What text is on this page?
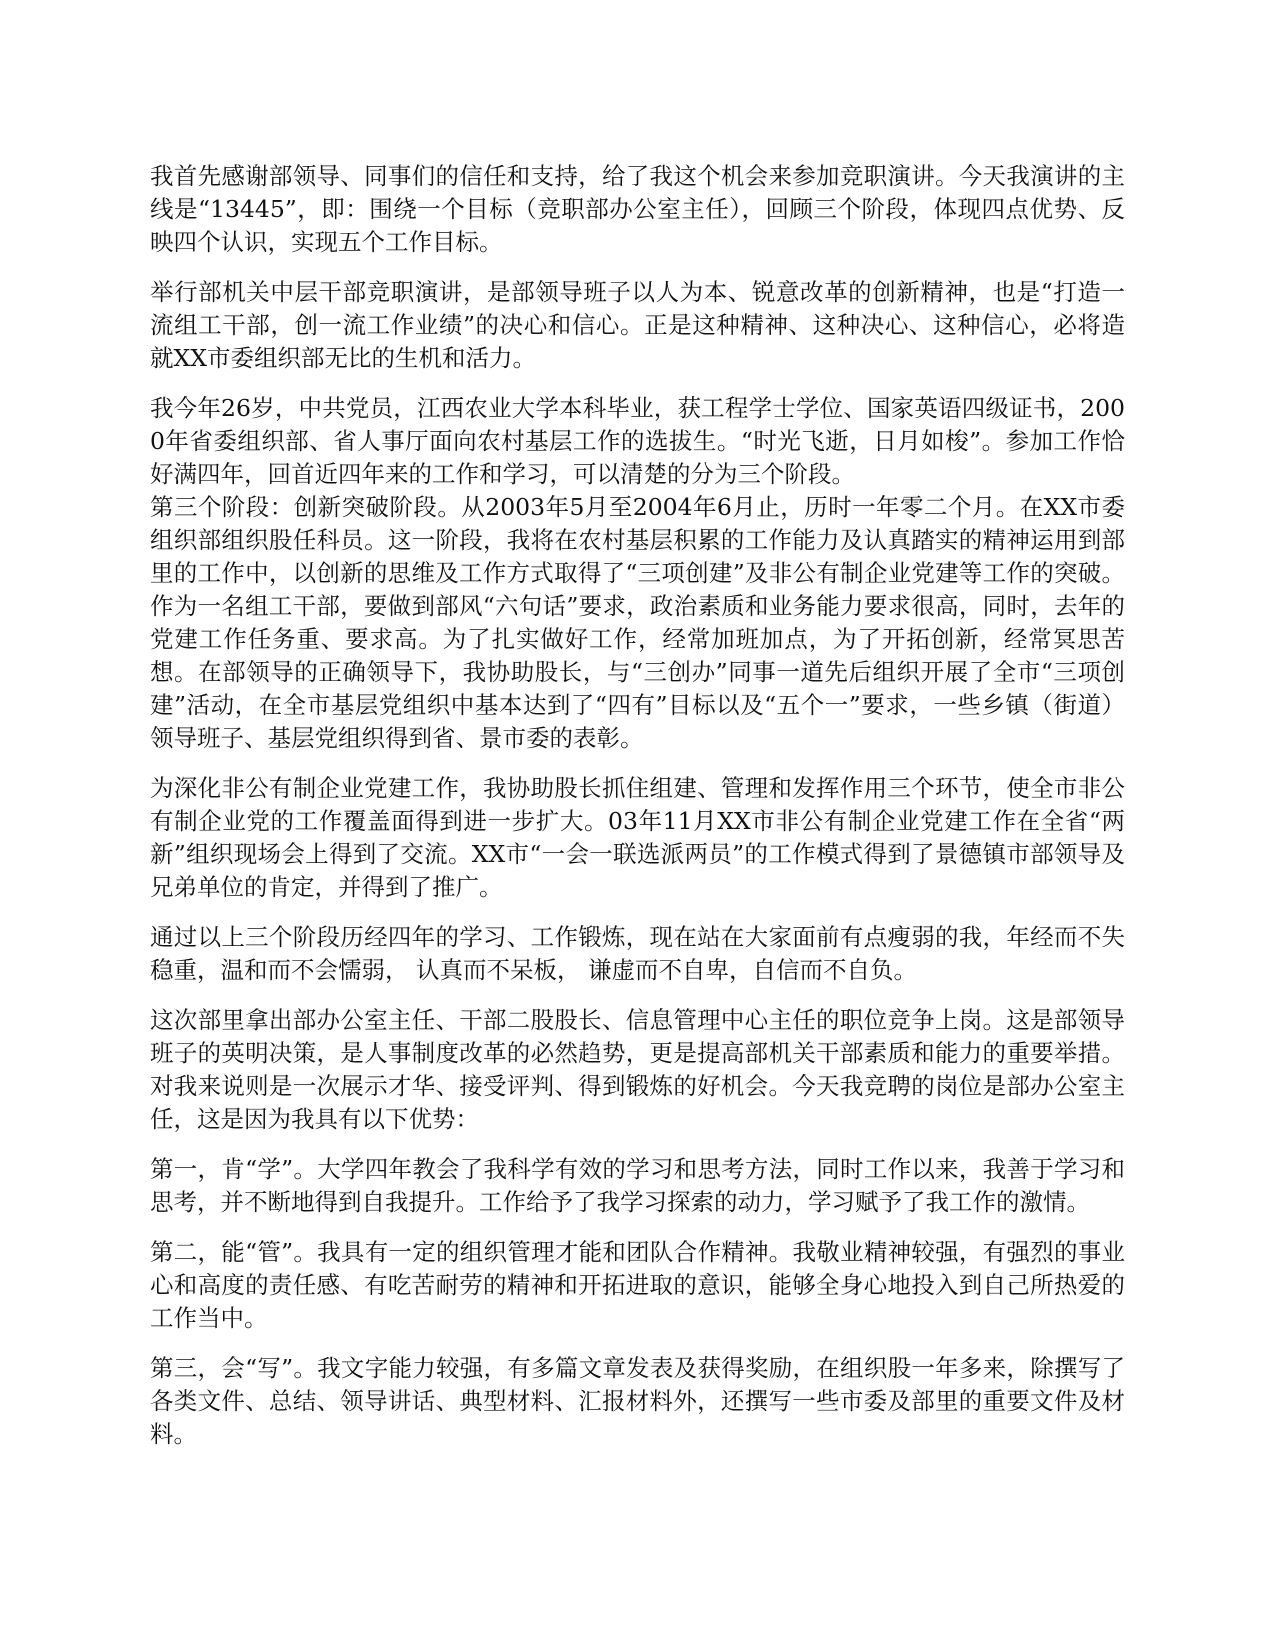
我首先感谢部领导、同事们的信任和支持，给了我这个机会来参加竞职演讲。今天我演讲的主线是“13445”，即：围绕一个目标（竞职部办公室主任），回顾三个阶段，体现四点优势、反映四个认识，实现五个工作目标。

举行部机关中层干部竞职演讲，是部领导班子以人为本、锐意改革的创新精神，也是“打造一流组工干部，创一流工作业绩”的决心和信心。正是这种精神、这种决心、这种信心，必将造就XX市委组织部无比的生机和活力。

我今年26岁，中共党员，江西农业大学本科毕业，获工程学士学位、国家英语四级证书，2000年省委组织部、省人事厅面向农村基层工作的选拔生。“时光飞逝，日月如梭”。参加工作恰好满四年，回首近四年来的工作和学习，可以清楚的分为三个阶段。

第三个阶段：创新突破阶段。从2003年5月至2004年6月止，历时一年零二个月。在XX市委组织部组织股任科员。这一阶段，我将在农村基层积累的工作能力及认真踏实的精神运用到部里的工作中，以创新的思维及工作方式取得了“三项创建”及非公有制企业党建等工作的突破。作为一名组工干部，要做到部风“六句话”要求，政治素质和业务能力要求很高，同时，去年的党建工作任务重、要求高。为了扎实做好工作，经常加班加点，为了开拓创新，经常冥思苦想。在部领导的正确领导下，我协助股长，与“三创办”同事一道先后组织开展了全市“三项创建”活动，在全市基层党组织中基本达到了“四有”目标以及“五个一”要求，一些乡镇（街道）领导班子、基层党组织得到省、景市委的表彰。

为深化非公有制企业党建工作，我协助股长抓住组建、管理和发挥作用三个环节，使全市非公有制企业党的工作覆盖面得到进一步扩大。03年11月XX市非公有制企业党建工作在全省“两新”组织现场会上得到了交流。XX市“一会一联选派两员”的工作模式得到了景德镇市部领导及兄弟单位的肯定，并得到了推广。

通过以上三个阶段历经四年的学习、工作锻炼，现在站在大家面前有点瘦弱的我，年经而不失稳重，温和而不会懦弱， 认真而不呆板， 谦虚而不自卑，自信而不自负。

这次部里拿出部办公室主任、干部二股股长、信息管理中心主任的职位竞争上岗。这是部领导班子的英明决策，是人事制度改革的必然趋势，更是提高部机关干部素质和能力的重要举措。对我来说则是一次展示才华、接受评判、得到锻炼的好机会。今天我竞聘的岗位是部办公室主任，这是因为我具有以下优势：

第一，肯“学”。大学四年教会了我科学有效的学习和思考方法，同时工作以来，我善于学习和思考，并不断地得到自我提升。工作给予了我学习探索的动力，学习赋予了我工作的激情。

第二，能“管”。我具有一定的组织管理才能和团队合作精神。我敬业精神较强，有强烈的事业心和高度的责任感、有吃苦耐劳的精神和开拓进取的意识，能够全身心地投入到自己所热爱的工作当中。

第三，会“写”。我文字能力较强，有多篇文章发表及获得奖励，在组织股一年多来，除撰写了各类文件、总结、领导讲话、典型材料、汇报材料外，还撰写一些市委及部里的重要文件及材料。
